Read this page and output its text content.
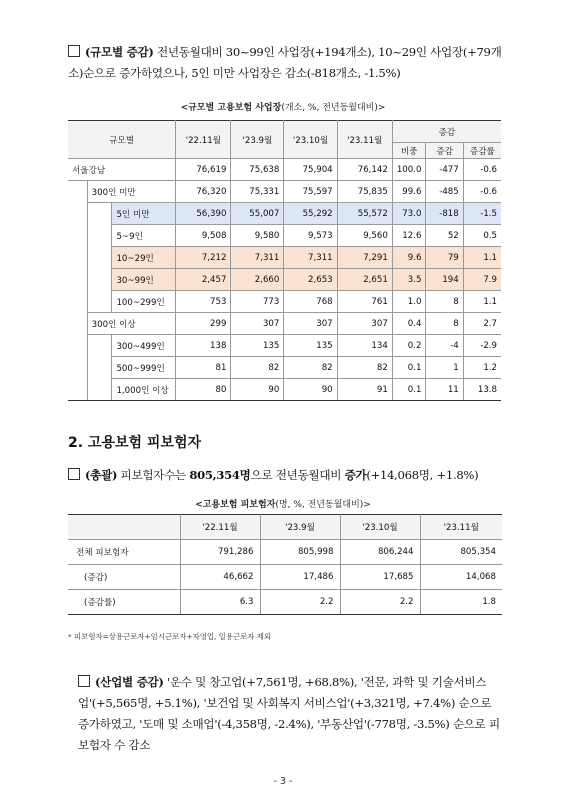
(규모별 증감) 전년동월대비 30~99인 사업장(+194개소), 10~29인 사업장(+79개소)순으로 증가하였으나, 5인 미만 사업장은 감소(-818개소, -1.5%)

<규모별 고용보험 사업장(개소, %, 전년동월대비)>
규모별			'22.11월	'23.9월	'23.10월	'23.11월	증감		
							비중	증감	증감률
서울강남			76,619	75,638	75,904	76,142	100.0	-477	-0.6
	300인 미만		76,320	75,331	75,597	75,835	99.6	-485	-0.6
		5인 미만	56,390	55,007	55,292	55,572	73.0	-818	-1.5
		5~9인	9,508	9,580	9,573	9,560	12.6	52	0.5
		10~29인	7,212	7,311	7,311	7,291	9.6	79	1.1
		30~99인	2,457	2,660	2,653	2,651	3.5	194	7.9
		100~299인	753	773	768	761	1.0	8	1.1
	300인 이상		299	307	307	307	0.4	8	2.7
		300~499인	138	135	135	134	0.2	-4	-2.9
		500~999인	81	82	82	82	0.1	1	1.2
		1,000인 이상	80	90	90	91	0.1	11	13.8
2. 고용보험 피보험자

(총괄) 피보험자수는 805,354명으로 전년동월대비 증가(+14,068명, +1.8%)

<고용보험 피보험자(명, %, 전년동월대비)>
	'22.11월	'23.9월	'23.10월	'23.11월
전체 피보험자	791,286	805,998	806,244	805,354
(증감)	46,662	17,486	17,685	14,068
(증감률)	6.3	2.2	2.2	1.8
* 피보험자=상용근로자+임시근로자+자영업, 일용근로자 제외

(산업별 증감) '운수 및 창고업(+7,561명, +68.8%), '전문, 과학 및 기술서비스업'(+5,565명, +5.1%), '보건업 및 사회복지 서비스업'(+3,321명, +7.4%) 순으로 증가하였고, '도매 및 소매업'(-4,358명, -2.4%), '부동산업'(-778명, -3.5%) 순으로 피보험자 수 감소

- 3 -
